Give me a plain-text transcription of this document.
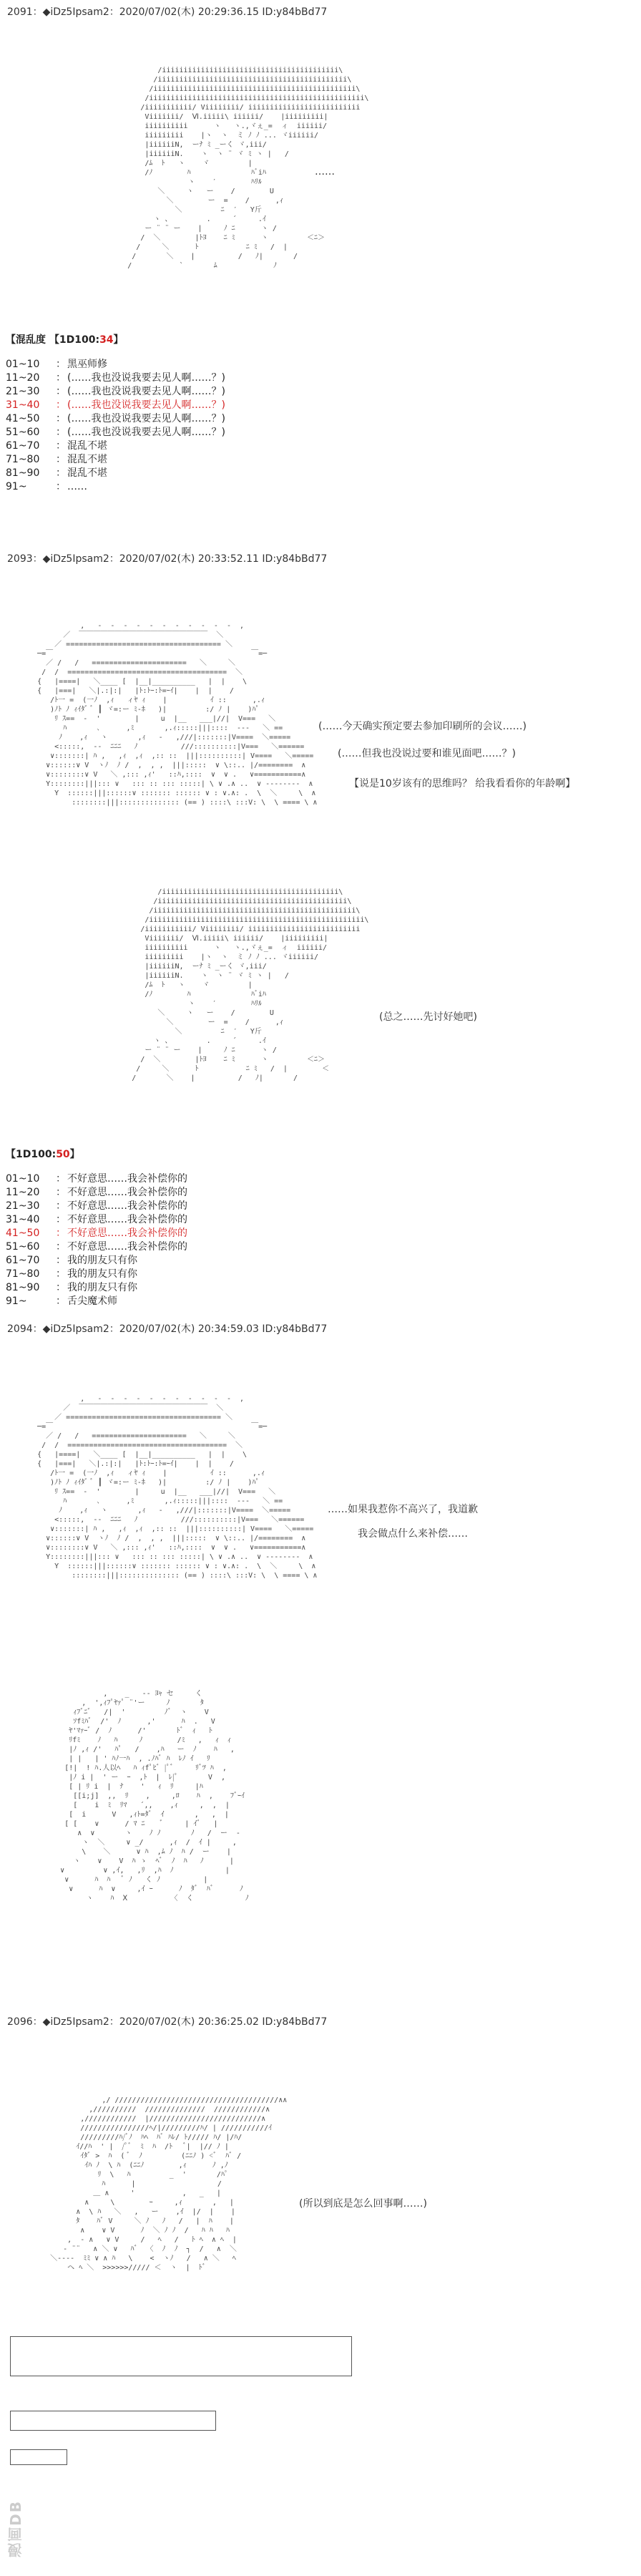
2091：◆iDz5Ipsam2：2020/07/02(木) 20:29:36.15 ID:y84bBd77
/iiiiiiiiiiiiiiiiiiiiiiiiiiiiiiiiiiiiiiiii\
/iiiiiiiiiiiiiiiiiiiiiiiiiiiiiiiiiiiiiiiiiiii\
/iiiiiiiiiiiiiiiiiiiiiiiiiiiiiiiiiiiiiiiiiiiiiii\
/iiiiiiiiiiiiiiiiiiiiiiiiiiiiiiiiiiiiiiiiiiiiiiiiii\
/iiiiiiiiiii/ Viiiiiiii/ iiiiiiiiiiiiiiiiiiiiiiiiii
Viiiiiii/  Ⅵ.iiiii\ iiiiii/    |iiiiiiiii|
iiiiiiiiii      ヽ   ヽ.,ヾぇ_=  ィ  iiiiii/
iiiiiiiii    |ヽ  ヽ  ミ ﾉ ﾉ ... ヾiiiiii/
|iiiiiiN,  ーﾅ ﾐ _ーく ヾ,iii/
|iiiiiiN.    ヽ  ヽ ¨ ヾ ﾐ ヽ |   /
/ﾑ  ﾄ   ヽ    ヾ         |
/ﾉ        ﾊ              ﾊﾞiﾊ
ヽ    ′        ﾊﾘﾙ
＼     ヽ   ー    /        U
＼        ー  =    /      ,ｨ
＼         ﾆ  ′   Y斤
ヽ 、        .     ´     .ｲ
ー ¨ ¨ ー    |     ﾉ ﾆ      ヽ /
/  ＼        |ﾄﾖ    ﾆ ﾐ      ヽ         ＜ﾆ＞
/     ＼      ﾄ           ﾆ ﾐ   /  |
/       ＼    |          /   ﾉ|       /
/           `       ﾑ             ﾉ

……
【混乱度 【1D100:34】
01~10	： 黑巫师修
11~20	： (……我也没说我要去见人啊……？)
21~30	： (……我也没说我要去见人啊……？)
31~40	： (……我也没说我要去见人啊……？)
41~50	： (……我也没说我要去见人啊……？)
51~60	： (……我也没说我要去见人啊……？)
61~70	： 混乱不堪
71~80	： 混乱不堪
81~90	： 混乱不堪
91~	： ……
2093：◆iDz5Ipsam2：2020/07/02(木) 20:33:52.11 ID:y84bBd77
,   -  ‐  ‐  ‐  ‐  ‐  ‐  ‐  ‐  ‐  -  ,
／  ￣￣￣￣￣￣￣￣￣￣￣￣￣￣￣￣￣￣  ＼
／ ==================================== ＼
─=￣                                              ￣=─
／ /   /   ======================   ＼     ＼
/  /  =====================================  ＼
{   |====|   ＼____ [  |__|__________   |  |    \
{   |===|   ＼|.:|:|   |ﾄ:ﾄｰ:ﾄ=ｰｲ|    |  |    /
/ﾄ一 =  (一ﾉ  ,ｨ   ィﾔ ｨ    |          ｲ ::      ,.ｨ
)ﾉﾄ ﾉ ｨｲﾀﾞ ﾞ ┃ ヾ=:ー ﾐ-ﾎ   )|         :/ ﾉ |    )ﾊﾟ
ﾘ ｽ==  -  '        |     u  |__   ___|//|  V===   ＼
ﾊ       ､      ,ﾐ       ,.ｨ:::::|||::::  ‐‐‐   ＼ ==
ﾉ    ,ｨ   ヽ       ,ｨ   -   ,///|:::::::|V====  ＼=====
<:::::,  ‐‐  ﾆﾆﾆ   ﾉ          ///::::::::::|V===   ＼======
∨:::::::| ﾊ ,   ,ｨ  ,ｨ  ,:: ::  |||::::::::::| V====   ＼=====
∨::::::∨ V  ヽﾉ  ﾉ /  ,  , ,  |||:::::  ∨ \::.. |/========  ∧
∨::::::::∨ V   ＼ ,::: ,ｨ'   ::ﾊ,::::  ∨  ∨ .   ∨===========∧
Y::::::::|||::: ∨   ::: :: ::: :::::| \ ∨ .∧ ..  ∨ ‐‐‐‐‐‐‐‐  ∧
Y  ::::::|||::::::∨ ::::::: :::::: ∨ : ∨.∧: .  \  ＼     \  ∧
::::::::|||:::::::::::::: (== ) ::::\ :::V: \  \ ==== \ ∧

(……今天确实预定要去参加印刷所的会议……)
(……但我也没说过要和谁见面吧……？)
【说是10岁该有的思维吗？ 给我看看你的年龄啊】
/iiiiiiiiiiiiiiiiiiiiiiiiiiiiiiiiiiiiiiiii\
/iiiiiiiiiiiiiiiiiiiiiiiiiiiiiiiiiiiiiiiiiiii\
/iiiiiiiiiiiiiiiiiiiiiiiiiiiiiiiiiiiiiiiiiiiiiii\
/iiiiiiiiiiiiiiiiiiiiiiiiiiiiiiiiiiiiiiiiiiiiiiiiii\
/iiiiiiiiiii/ Viiiiiiii/ iiiiiiiiiiiiiiiiiiiiiiiiii
Viiiiiii/  Ⅵ.iiiii\ iiiiii/    |iiiiiiiii|
iiiiiiiiii      ヽ   ヽ.,ヾぇ_=  ィ  iiiiii/
iiiiiiiii    |ヽ  ヽ  ミ ﾉ ﾉ ... ヾiiiiii/
|iiiiiiN,  ーﾅ ﾐ _ーく ヾ,iii/
|iiiiiiN.    ヽ  ヽ ¨ ヾ ﾐ ヽ |   /
/ﾑ  ﾄ   ヽ    ヾ         |
/ﾉ        ﾊ              ﾊﾞiﾊ
ヽ    ′        ﾊﾘﾙ
＼     ヽ   ー    /        U
＼        ー  =    /      ,ｨ
＼         ﾆ  ′   Y斤
ヽ 、        .     ´     .ｲ
ー ¨ ¨ ー    |     ﾉ ﾆ      ヽ /
/  ＼        |ﾄﾖ    ﾆ ﾐ      ヽ         ＜ﾆ＞
/     ＼      ﾄ           ﾆ ﾐ   /  |        ＜
/       ＼    |          /   ﾉ|       /

(总之……先讨好她吧)
【1D100:50】
01~10	： 不好意思……我会补偿你的
11~20	： 不好意思……我会补偿你的
21~30	： 不好意思……我会补偿你的
31~40	： 不好意思……我会补偿你的
41~50	： 不好意思……我会补偿你的
51~60	： 不好意思……我会补偿你的
61~70	： 我的朋友只有你
71~80	： 我的朋友只有你
81~90	： 我的朋友只有你
91~	： 舌尖魔术师
2094：◆iDz5Ipsam2：2020/07/02(木) 20:34:59.03 ID:y84bBd77
,   -  ‐  ‐  ‐  ‐  ‐  ‐  ‐  ‐  ‐  -  ,
／  ￣￣￣￣￣￣￣￣￣￣￣￣￣￣￣￣￣￣  ＼
／ ==================================== ＼
─=￣                                              ￣=─
／ /   /   ======================   ＼     ＼
/  /  =====================================  ＼
{   |====|   ＼____ [  |__|__________   |  |    \
{   |===|   ＼|.:|:|   |ﾄ:ﾄｰ:ﾄ=ｰｲ|    |  |    /
/ﾄ一 =  (一ﾉ  ,ｨ   ィﾔ ｨ    |          ｲ ::      ,.ｨ
)ﾉﾄ ﾉ ｨｲﾀﾞ ﾞ ┃ ヾ=:ー ﾐ-ﾎ   )|         :/ ﾉ |    )ﾊﾟ
ﾘ ｽ==  -  '        |     u  |__   ___|//|  V===   ＼
ﾊ       ､      ,ﾐ       ,.ｨ:::::|||::::  ‐‐‐   ＼ ==
ﾉ    ,ｨ   ヽ       ,ｨ   -   ,///|:::::::|V====  ＼=====
<:::::,  ‐‐  ﾆﾆﾆ   ﾉ          ///::::::::::|V===   ＼======
∨:::::::| ﾊ ,   ,ｨ  ,ｨ  ,:: ::  |||::::::::::| V====   ＼=====
∨::::::∨ V  ヽﾉ  ﾉ /  ,  , ,  |||:::::  ∨ \::.. |/========  ∧
∨::::::::∨ V   ＼ ,::: ,ｨ'   ::ﾊ,::::  ∨  ∨ .   ∨===========∧
Y::::::::|||::: ∨   ::: :: ::: :::::| \ ∨ .∧ ..  ∨ ‐‐‐‐‐‐‐‐  ∧
Y  ::::::|||::::::∨ ::::::: :::::: ∨ : ∨.∧: .  \  ＼     \  ∧
::::::::|||:::::::::::::: (== ) ::::\ :::V: \  \ ==== \ ∧

……如果我惹你不高兴了，我道歉
我会做点什么来补偿……
,    _   ‐‐ ﾖｬ セ     く
,  ',ｨﾌﾟﾔｧﾟ ¨'ー     ﾉ       ﾀ
ｨﾌﾞﾆﾞ   /|  '         ﾉﾞ  ヽ    V
ｿfﾐﾊﾞ  /'  ﾉ      ,'      ﾊ  .   V
ﾔ'ﾏｧｰﾞ /  ﾉ      /'       ﾄﾞ  ｨ   ﾄ
ﾘfﾐ    ﾉ   ﾊ     ﾉ        /ﾐ   ,   ｨ  ｨ
|ﾉ ,ｨ /'   ﾊﾟ   /    ,ﾊ   ー  ﾉ    ﾊ   ,
| |   | ' ﾊﾉ一ﾊ  , .ﾉﾊﾞ ﾊ  ﾚﾉ ｲ   ﾘ
[!|  ! ﾊ.人以ﾍ   ﾊ ｨfﾟﾋﾞ |ﾟﾞ     ﾘﾞﾂ ﾊ  ,
|ﾉ i |  ' ー  ｰ  ,ﾄ  |  ﾚ|ﾟ       V  ,
[ | ﾘ i  |  ﾅ    '   ｨ  ﾘ     |ﾊ
[[i;j]  ,,  ﾘ    ,     ,ﾛ    ﾊ  ,    ﾌﾞｰｲ
[    i  ﾐ  ﾘﾏ   ´,,    ,ｨ     ,  ,  |
[  i      V   ,ｨﾄ=ﾀﾞ  ｲ       ,   ,  |
[ [    ∨      / ﾏ ﾆ    ﾞ     | ｲﾞ   |
∧  ∨       ヽ    ﾉ ﾉ       ﾉ   /  ー  ‐
ヽ  ＼     ∨ _/      ,ｨ  /  ｲ |     ,
\    ＼      ∨ ﾊ  ,ﾑ ﾉ  ﾊ /  ー    |
ヽ    ∨    V  ﾊ ゝ  ﾍﾞ  ﾉ  ﾊ   ﾉ      |
∨         ∨ ,ｲ,   ,ﾘ  ,ﾊ  ﾉ            |
∨      ﾊ  ﾊ   ﾞ ﾉ   く ﾉ          |
∨      ﾊ  ∨     ,ｲ ｰ      ﾉ  ﾀﾞ  ﾊﾞ      ﾉ
ヽ    ﾊ  Ⅹ          〈  く            ﾉ

2096：◆iDz5Ipsam2：2020/07/02(木) 20:36:25.02 ID:y84bBd77
,/ //////////////////////////////////////∧∧
,//////////  //////////////  ////////////∧
,////////////  |//////////////////////////∧
////////////////ﾍ/|/////////ﾊ/ | ///////////ｲ
/////////ﾊ/ﾞﾉ  ﾊﾍ  ﾊﾞ ﾊﾚ/ ﾄ///// ﾊ/ |/ﾊ/
ｲ//ﾊ  ' |  /ﾟﾞ  ﾐ  ﾊ  /ﾄ   ﾞ|  |// ﾉ |
ｲﾀﾞ >  ﾊ  ( ﾞ  ﾉ         (ﾆﾆﾉ ) <ﾞ  ﾊﾞ /
ｲﾊ ﾉ  \ ﾊ  (ﾆﾆﾉ        ,ｨ      ﾉ ,ﾉ
ﾘ  \   ﾊ         _  '       /ﾊﾟ
ﾊ      |                   /
＿ ∧     '           ,   _   |
∧     \        ｰ     ,ｨ       ,   |
∧  \ ﾊ   ＼   ,   ー    ,ｲ  |/  |    |
ﾀ    ﾊﾞ V     ＼ ﾉ   ﾉ   /   |  ﾊ    |
∧    ∨ V      ﾉ  ＼ ﾉ ﾉ  /   ﾊ ﾊ   ﾊ
,  ‐ ∧   ∨ V     /   ﾍ   /   ﾄ ﾍ  ∧ ﾍ  |
‐ ¨¨   ∧ ＼ ∨   ﾊﾞ  〈  ﾉ  ﾉ  ┐  /   ∧  ＼
＼‐‐‐‐  ﾐﾐ ∨ ∧ ﾊ   \    <  ヽﾉ   /   ∧ ＼   ﾍ
ヘ ﾍ ＼  >>>>>>///// ＜  ヽ  |  ﾄﾞ

(所以到底是怎么回事啊……)
漫画DB
